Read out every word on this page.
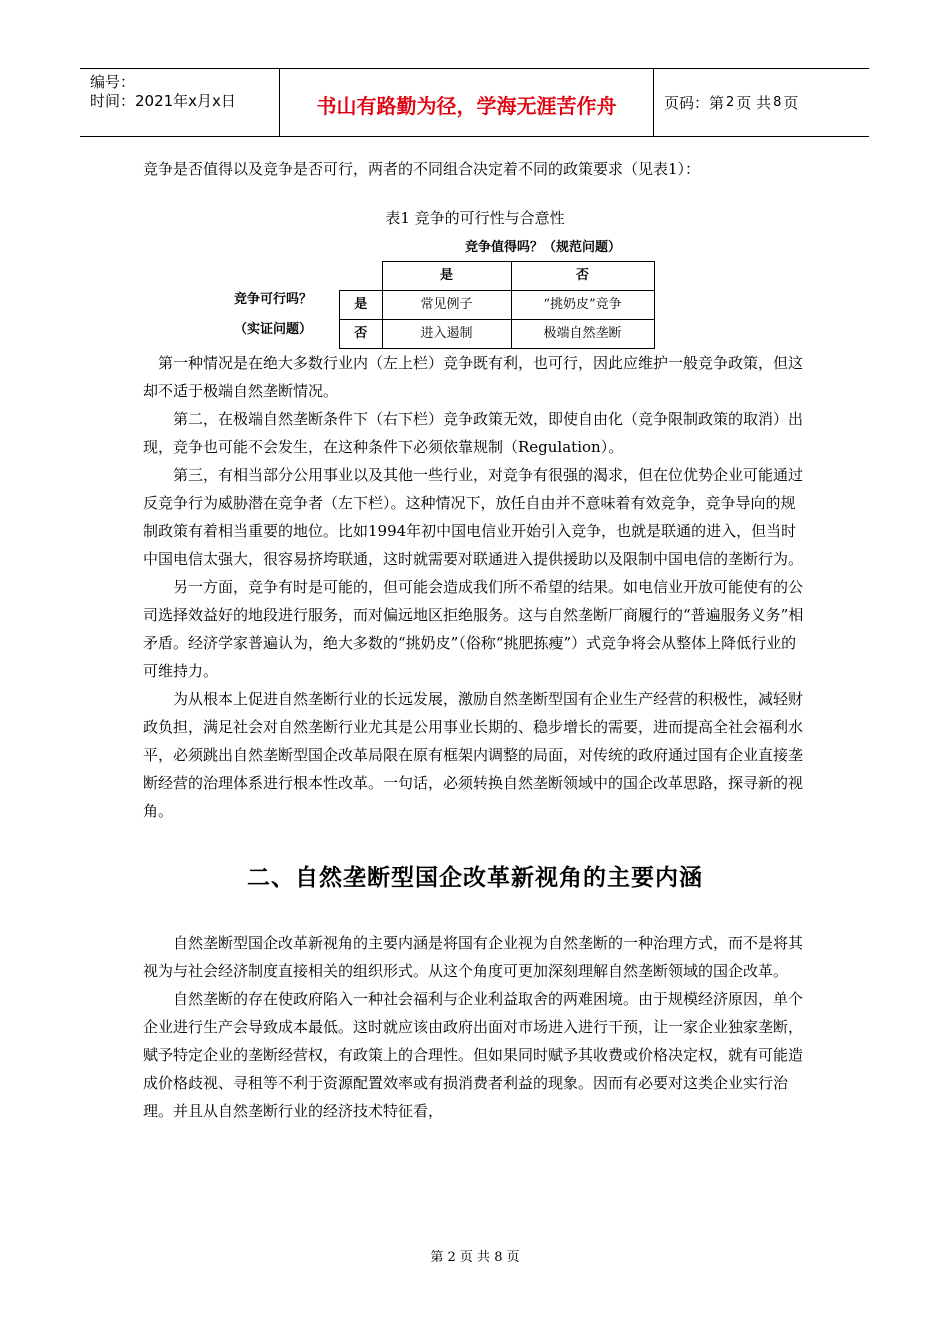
编号：
时间：2021年x月x日	书山有路勤为径，学海无涯苦作舟	页码：第 2 页 共 8 页

竞争是否值得以及竞争是否可行，两者的不同组合决定着不同的政策要求（见表1）：

表1 竞争的可行性与合意性

竞争值得吗？（规范问题）
竞争可行吗？
（实证问题）
	是	否
是	常见例子	“挑奶皮”竞争
否	进入遏制	极端自然垄断

第一种情况是在绝大多数行业内（左上栏）竞争既有利，也可行，因此应维护一般竞争政策，但这却不适于极端自然垄断情况。

第二，在极端自然垄断条件下（右下栏）竞争政策无效，即使自由化（竞争限制政策的取消）出现，竞争也可能不会发生，在这种条件下必须依靠规制（Regulation）。

第三，有相当部分公用事业以及其他一些行业，对竞争有很强的渴求，但在位优势企业可能通过反竞争行为威胁潜在竞争者（左下栏）。这种情况下，放任自由并不意味着有效竞争，竞争导向的规制政策有着相当重要的地位。比如1994年初中国电信业开始引入竞争，也就是联通的进入，但当时中国电信太强大，很容易挤垮联通，这时就需要对联通进入提供援助以及限制中国电信的垄断行为。

另一方面，竞争有时是可能的，但可能会造成我们所不希望的结果。如电信业开放可能使有的公司选择效益好的地段进行服务，而对偏远地区拒绝服务。这与自然垄断厂商履行的“普遍服务义务”相矛盾。经济学家普遍认为，绝大多数的“挑奶皮”（俗称“挑肥拣瘦”）式竞争将会从整体上降低行业的可维持力。

为从根本上促进自然垄断行业的长远发展，激励自然垄断型国有企业生产经营的积极性，减轻财政负担，满足社会对自然垄断行业尤其是公用事业长期的、稳步增长的需要，进而提高全社会福利水平，必须跳出自然垄断型国企改革局限在原有框架内调整的局面，对传统的政府通过国有企业直接垄断经营的治理体系进行根本性改革。一句话，必须转换自然垄断领域中的国企改革思路，探寻新的视角。

二、自然垄断型国企改革新视角的主要内涵

自然垄断型国企改革新视角的主要内涵是将国有企业视为自然垄断的一种治理方式，而不是将其视为与社会经济制度直接相关的组织形式。从这个角度可更加深刻理解自然垄断领域的国企改革。

自然垄断的存在使政府陷入一种社会福利与企业利益取舍的两难困境。由于规模经济原因，单个企业进行生产会导致成本最低。这时就应该由政府出面对市场进入进行干预，让一家企业独家垄断，赋予特定企业的垄断经营权，有政策上的合理性。但如果同时赋予其收费或价格决定权，就有可能造成价格歧视、寻租等不利于资源配置效率或有损消费者利益的现象。因而有必要对这类企业实行治理。并且从自然垄断行业的经济技术特征看，

第 2 页 共 8 页
